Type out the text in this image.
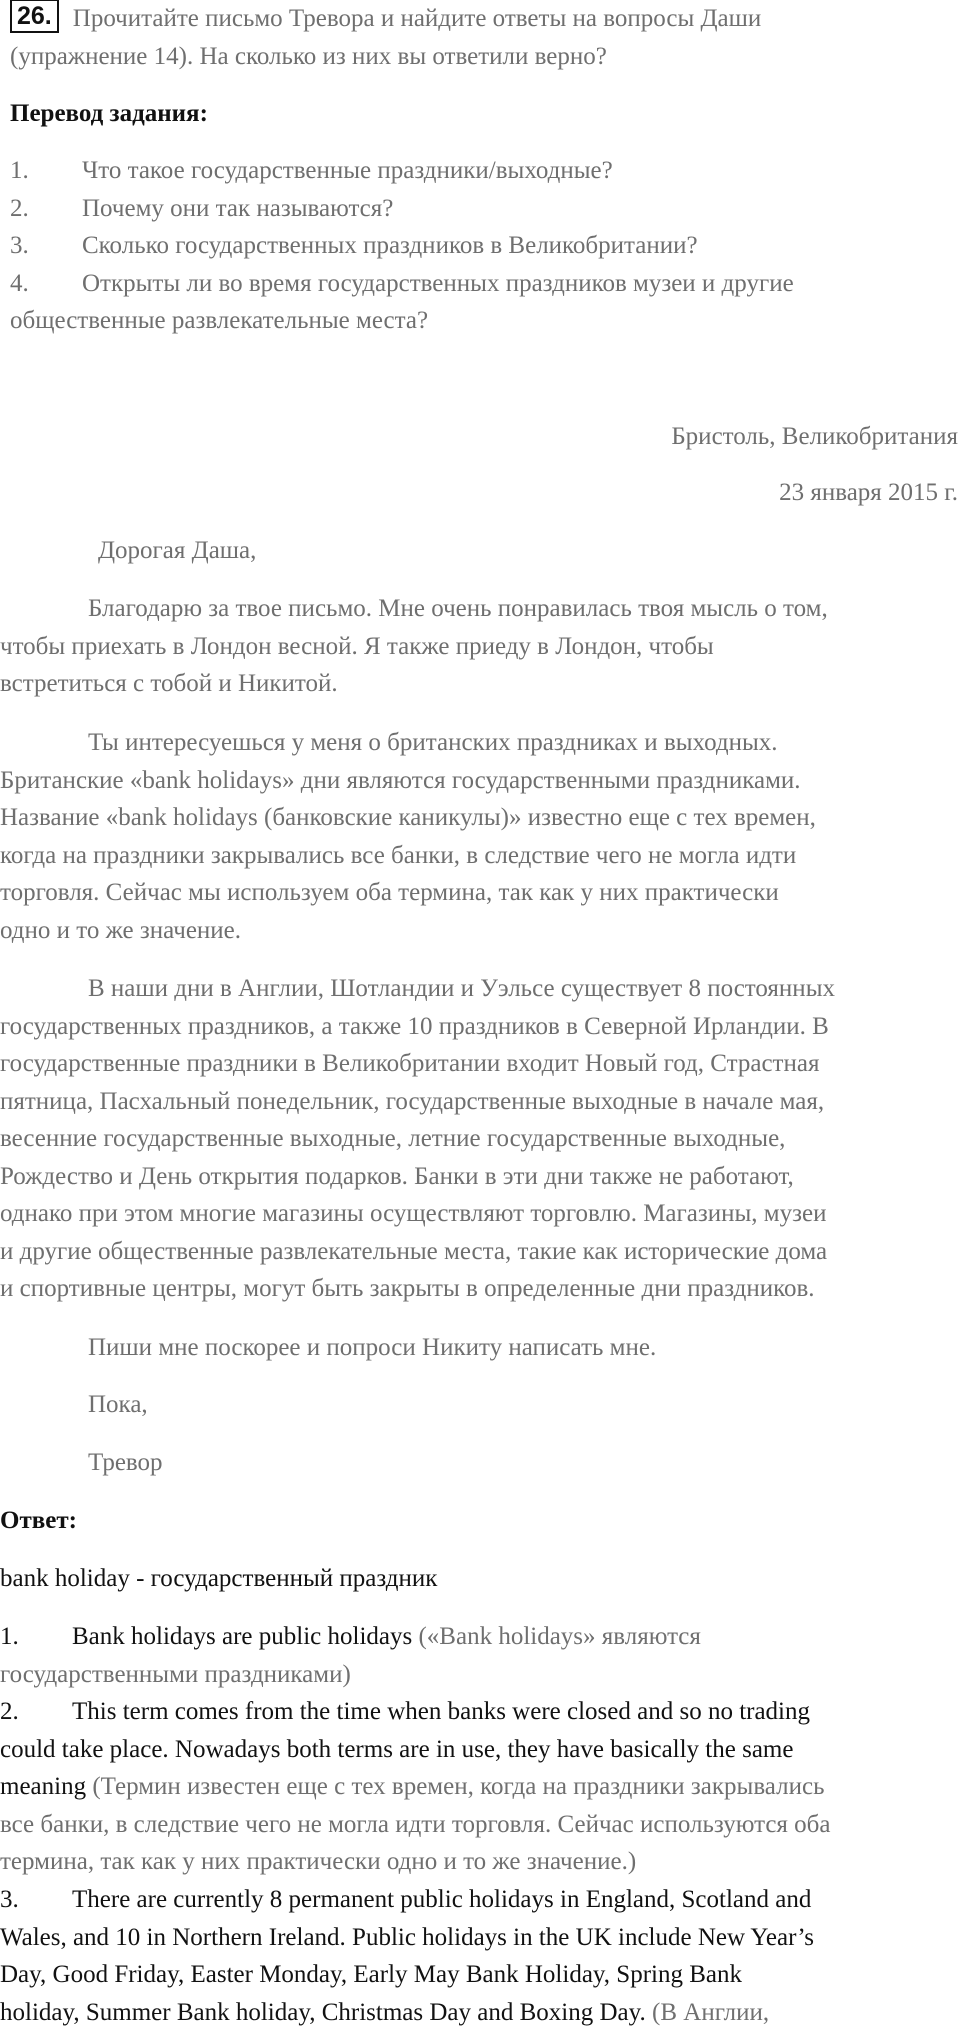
26. Прочитайте письмо Тревора и найдите ответы на вопросы Даши
(упражнение 14). На сколько из них вы ответили верно?
Перевод задания:
1. Что такое государственные праздники/выходные?
2. Почему они так называются?
3. Сколько государственных праздников в Великобритании?
4. Открыты ли во время государственных праздников музеи и другие
общественные развлекательные места?
Бристоль, Великобритания
23 января 2015 г.
Дорогая Даша,
Благодарю за твое письмо. Мне очень понравилась твоя мысль о том,
чтобы приехать в Лондон весной. Я также приеду в Лондон, чтобы
встретиться с тобой и Никитой.
Ты интересуешься у меня о британских праздниках и выходных.
Британские «bank holidays» дни являются государственными праздниками.
Название «bank holidays (банковские каникулы)» известно еще с тех времен,
когда на праздники закрывались все банки, в следствие чего не могла идти
торговля. Сейчас мы используем оба термина, так как у них практически
одно и то же значение.
В наши дни в Англии, Шотландии и Уэльсе существует 8 постоянных
государственных праздников, а также 10 праздников в Северной Ирландии. В
государственные праздники в Великобритании входит Новый год, Страстная
пятница, Пасхальный понедельник, государственные выходные в начале мая,
весенние государственные выходные, летние государственные выходные,
Рождество и День открытия подарков. Банки в эти дни также не работают,
однако при этом многие магазины осуществляют торговлю. Магазины, музеи
и другие общественные развлекательные места, такие как исторические дома
и спортивные центры, могут быть закрыты в определенные дни праздников.
Пиши мне поскорее и попроси Никиту написать мне.
Пока,
Тревор
Ответ:
bank holiday - государственный праздник
1. Bank holidays are public holidays («Bank holidays» являются
государственными праздниками)
2. This term comes from the time when banks were closed and so no trading
could take place. Nowadays both terms are in use, they have basically the same
meaning (Термин известен еще с тех времен, когда на праздники закрывались
все банки, в следствие чего не могла идти торговля. Сейчас используются оба
термина, так как у них практически одно и то же значение.)
3. There are currently 8 permanent public holidays in England, Scotland and
Wales, and 10 in Northern Ireland. Public holidays in the UK include New Year’s
Day, Good Friday, Easter Monday, Early May Bank Holiday, Spring Bank
holiday, Summer Bank holiday, Christmas Day and Boxing Day. (В Англии,
